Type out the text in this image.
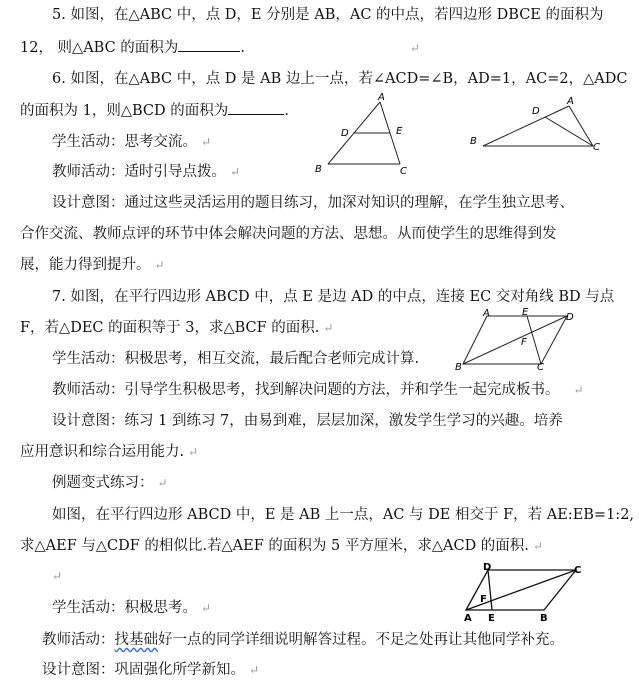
5. 如图，在△ABC 中，点 D，E 分别是 AB，AC 的中点，若四边形 DBCE 的面积为
12， 则△ABC 的面积为	.	↵
6. 如图，在△ABC 中，点 D 是 AB 边上一点，若∠ACD=∠B，AD=1，AC=2，△ADC
的面积为 1，则△BCD 的面积为	.
A
D	E
B	C
D
A
B
C
学生活动：思考交流。 ↵
教师活动：适时引导点拨。 ↵
设计意图：通过这些灵活运用的题目练习，加深对知识的理解，在学生独立思考、
合作交流、教师点评的环节中体会解决问题的方法、思想。从而使学生的思维得到发
展，能力得到提升。 ↵
7. 如图，在平行四边形 ABCD 中，点 E 是边 AD 的中点，连接 EC 交对角线 BD 与点
F，若△DEC 的面积等于 3，求△BCF 的面积. ↵
A	E	D
F
B	C
学生活动：积极思考，相互交流，最后配合老师完成计算.
教师活动：引导学生积极思考，找到解决问题的方法，并和学生一起完成板书。 ↵
设计意图：练习 1 到练习 7，由易到难，层层加深，激发学生学习的兴趣。培养
应用意识和综合运用能力. ↵
例题变式练习： ↵
如图，在平行四边形 ABCD 中，E 是 AB 上一点，AC 与 DE 相交于 F，若 AE:EB=1:2,
求△AEF 与△CDF 的相似比.若△AEF 的面积为 5 平方厘米，求△ACD 的面积. ↵
↵
D	C
F
A E	B
学生活动：积极思考。 ↵
教师活动：找基础好一点的同学详细说明解答过程。不足之处再让其他同学补充。
设计意图：巩固强化所学新知。 ↵
